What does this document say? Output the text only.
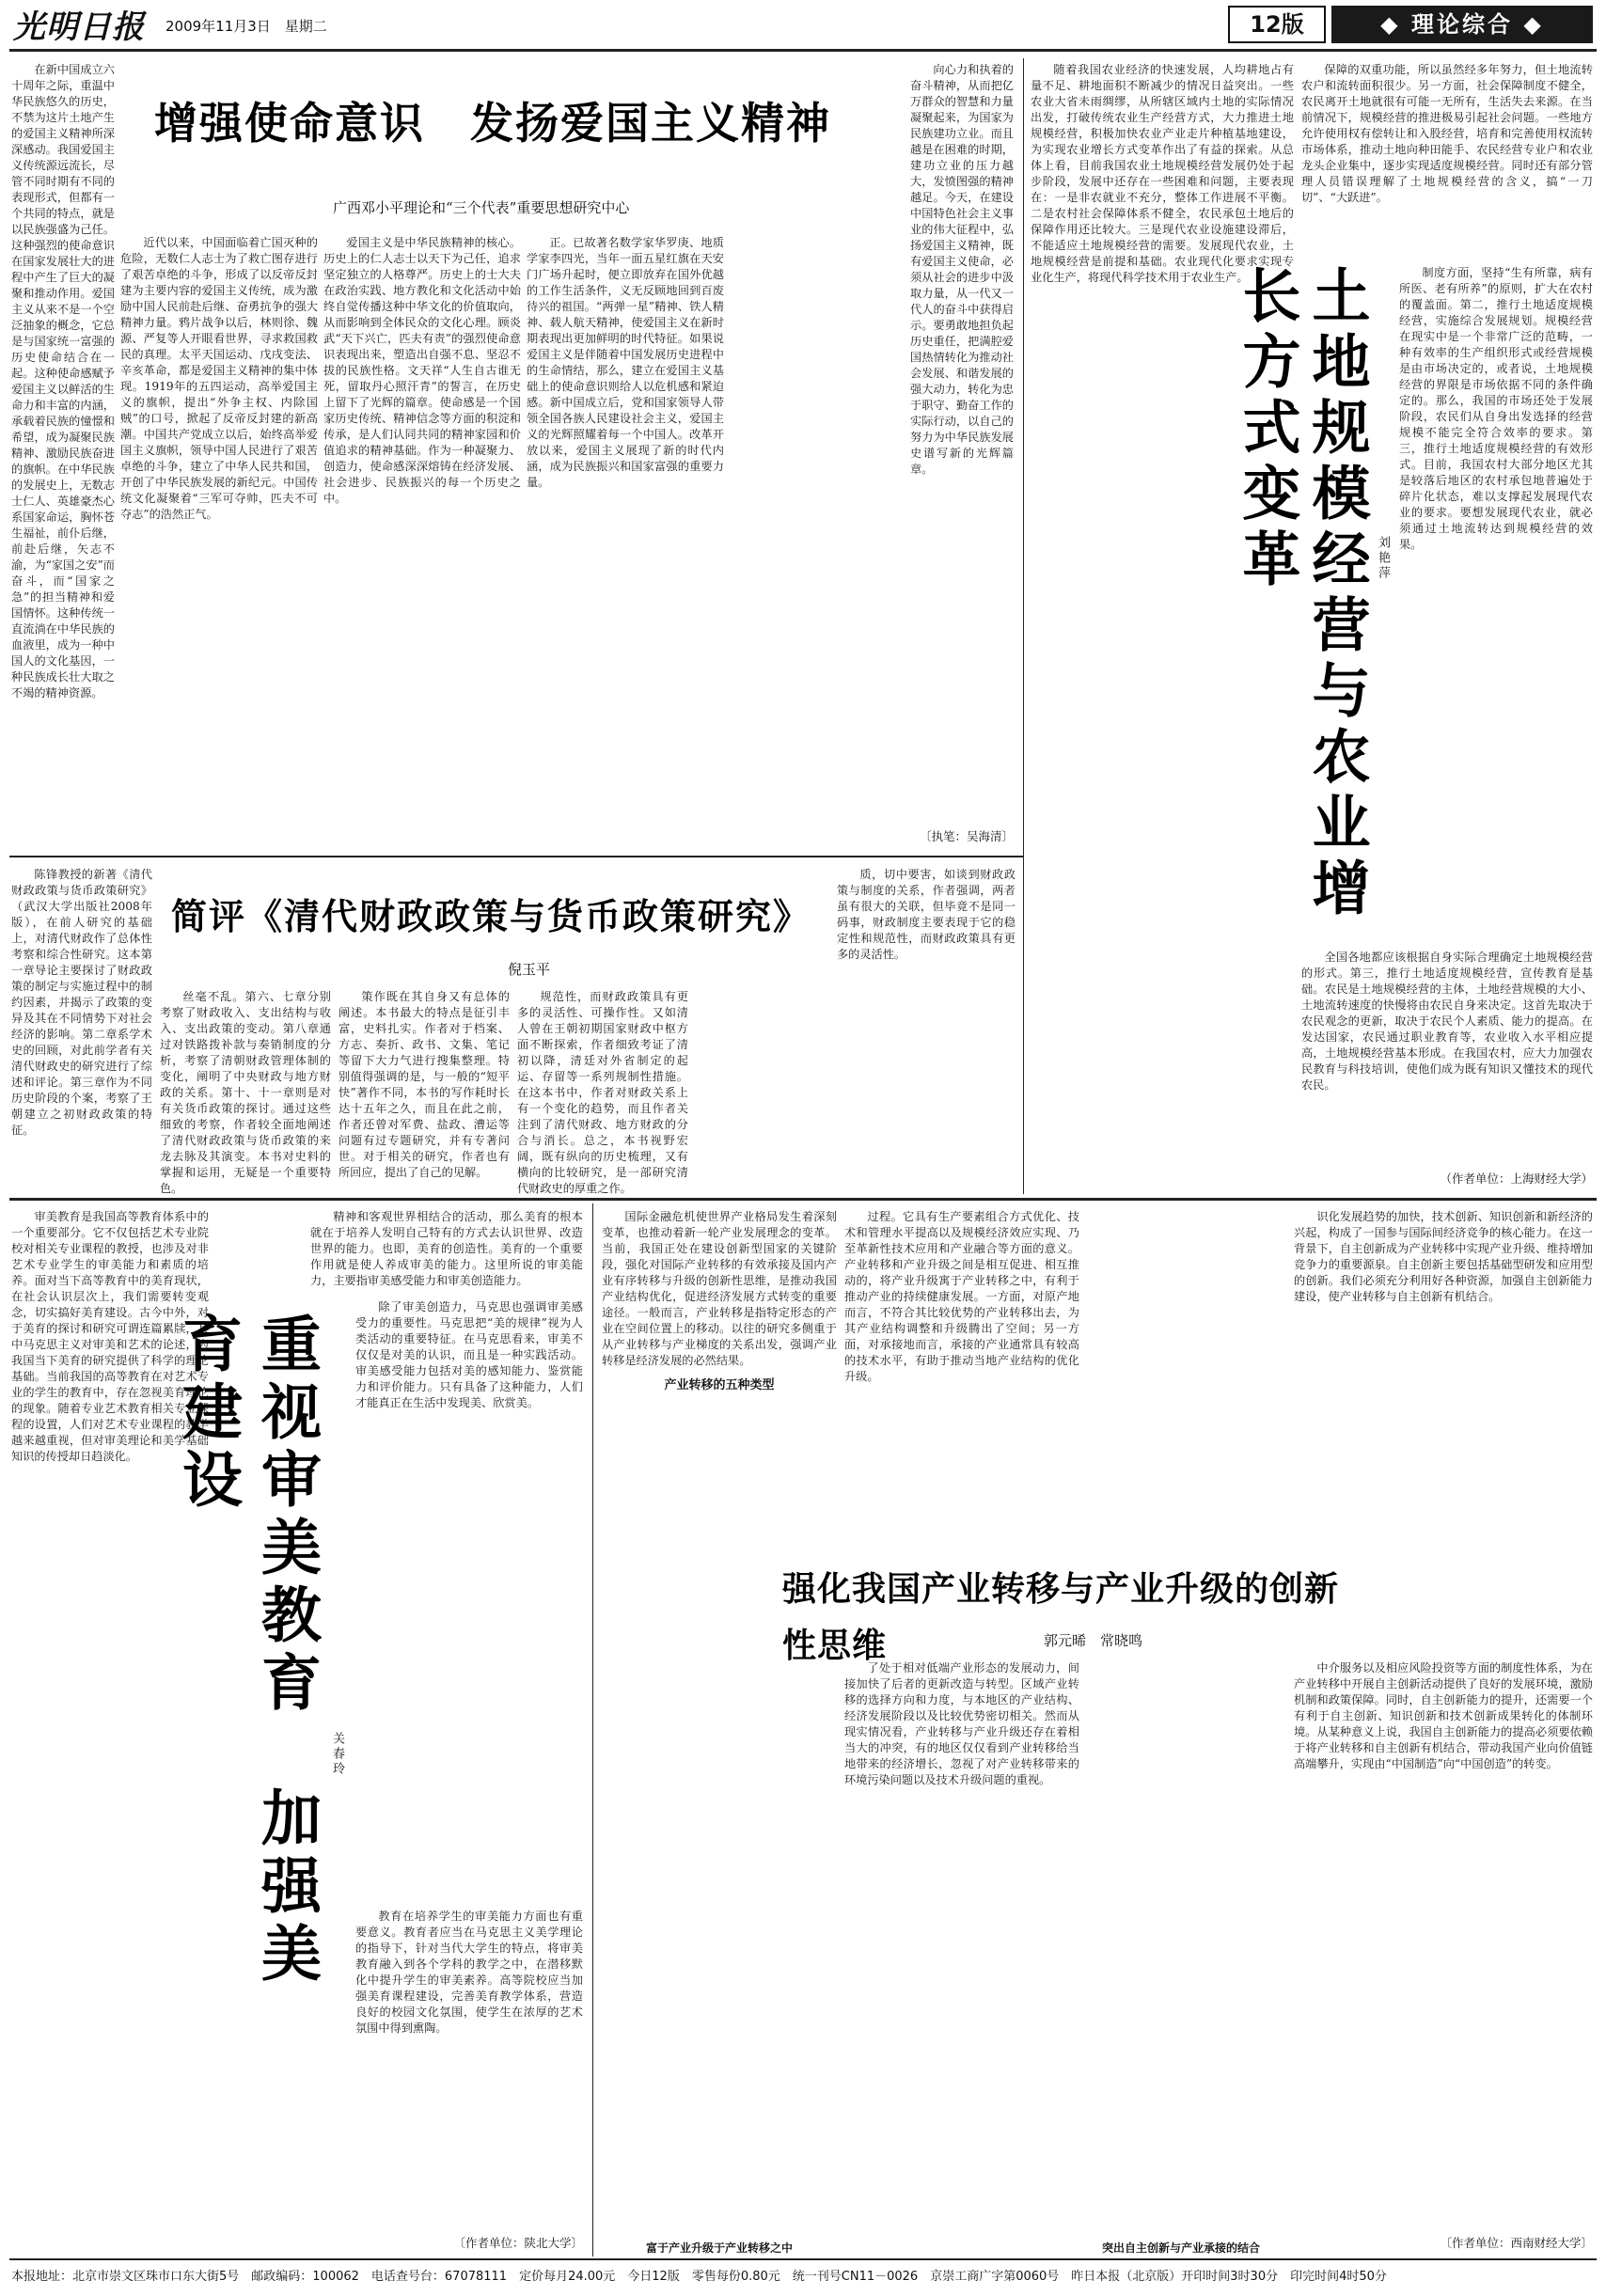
光明日报 2009年11月3日　星期二	12版	◆ 理论综合 ◆

在新中国成立六十周年之际，重温中华民族悠久的历史，不禁为这片土地产生的爱国主义精神所深深感动。我国爱国主义传统源远流长，尽管不同时期有不同的表现形式，但都有一个共同的特点，就是以民族强盛为己任。这种强烈的使命意识在国家发展壮大的进程中产生了巨大的凝聚和推动作用。爱国主义从来不是一个空泛抽象的概念，它总是与国家统一富强的历史使命结合在一起。这种使命感赋予爱国主义以鲜活的生命力和丰富的内涵，承载着民族的憧憬和希望，成为凝聚民族精神、激励民族奋进的旗帜。在中华民族的发展史上，无数志士仁人、英雄豪杰心系国家命运，胸怀苍生福祉，前仆后继，前赴后继，矢志不渝，为“家国之安”而奋斗，而“国家之急”的担当精神和爱国情怀。这种传统一直流淌在中华民族的血液里，成为一种中国人的文化基因，一种民族成长壮大取之不竭的精神资源。

增强使命意识　发扬爱国主义精神
广西邓小平理论和“三个代表”重要思想研究中心

近代以来，中国面临着亡国灭种的危险，无数仁人志士为了救亡图存进行了艰苦卓绝的斗争，形成了以反帝反封建为主要内容的爱国主义传统，成为激励中国人民前赴后继、奋勇抗争的强大精神力量。鸦片战争以后，林则徐、魏源、严复等人开眼看世界，寻求救国救民的真理。太平天国运动、戊戌变法、辛亥革命，都是爱国主义精神的集中体现。1919年的五四运动，高举爱国主义的旗帜，提出“外争主权、内除国贼”的口号，掀起了反帝反封建的新高潮。中国共产党成立以后，始终高举爱国主义旗帜，领导中国人民进行了艰苦卓绝的斗争，建立了中华人民共和国，开创了中华民族发展的新纪元。中国传统文化凝聚着“三军可夺帅，匹夫不可夺志”的浩然正气。

爱国主义是中华民族精神的核心。历史上的仁人志士以天下为己任，追求坚定独立的人格尊严。历史上的士大夫在政治实践、地方教化和文化活动中始终自觉传播这种中华文化的价值取向，从而影响到全体民众的文化心理。顾炎武“天下兴亡，匹夫有责”的强烈使命意识表现出来，塑造出自强不息、坚忍不拔的民族性格。文天祥“人生自古谁无死，留取丹心照汗青”的誓言，在历史上留下了光辉的篇章。使命感是一个国家历史传统、精神信念等方面的积淀和传承，是人们认同共同的精神家园和价值追求的精神基础。作为一种凝聚力、创造力，使命感深深熔铸在经济发展、社会进步、民族振兴的每一个历史之中。

正。已故著名数学家华罗庚、地质学家李四光，当年一面五星红旗在天安门广场升起时，便立即放弃在国外优越的工作生活条件，义无反顾地回到百废待兴的祖国。“两弹一星”精神、铁人精神、载人航天精神，使爱国主义在新时期表现出更加鲜明的时代特征。如果说爱国主义是伴随着中国发展历史进程中的生命情结，那么，建立在爱国主义基础上的使命意识则给人以危机感和紧迫感。新中国成立后，党和国家领导人带领全国各族人民建设社会主义，爱国主义的光辉照耀着每一个中国人。改革开放以来，爱国主义展现了新的时代内涵，成为民族振兴和国家富强的重要力量。

向心力和执着的奋斗精神，从而把亿万群众的智慧和力量凝聚起来，为国家为民族建功立业。而且越是在困难的时期，建功立业的压力越大，发愤图强的精神越足。今天，在建设中国特色社会主义事业的伟大征程中，弘扬爱国主义精神，既有爱国主义使命，必须从社会的进步中汲取力量，从一代又一代人的奋斗中获得启示。要勇敢地担负起历史重任，把满腔爱国热情转化为推动社会发展、和谐发展的强大动力，转化为忠于职守、勤奋工作的实际行动，以自己的努力为中华民族发展史谱写新的光辉篇章。

〔执笔：吴海清〕

随着我国农业经济的快速发展，人均耕地占有量不足、耕地面积不断减少的情况日益突出。一些农业大省未雨绸缪，从所辖区域内土地的实际情况出发，打破传统农业生产经营方式，大力推进土地规模经营，积极加快农业产业走片种植基地建设，为实现农业增长方式变革作出了有益的探索。从总体上看，目前我国农业土地规模经营发展仍处于起步阶段，发展中还存在一些困难和问题，主要表现在：一是非农就业不充分，整体工作进展不平衡。二是农村社会保障体系不健全，农民承包土地后的保障作用还比较大。三是现代农业设施建设滞后，不能适应土地规模经营的需要。发展现代农业，土地规模经营是前提和基础。农业现代化要求实现专业化生产，将现代科学技术用于农业生产。

保障的双重功能，所以虽然经多年努力，但土地流转农户和流转面积很少。另一方面，社会保障制度不健全，农民离开土地就很有可能一无所有，生活失去来源。在当前情况下，规模经营的推进极易引起社会问题。一些地方允许使用权有偿转让和入股经营，培育和完善使用权流转市场体系，推动土地向种田能手、农民经营专业户和农业龙头企业集中，逐步实现适度规模经营。同时还有部分管理人员错误理解了土地规模经营的含义，搞“一刀切”、“大跃进”。

土地规模经营与农业增长方式变革	刘艳萍

制度方面，坚持“生有所靠，病有所医、老有所养”的原则，扩大在农村的覆盖面。第二，推行土地适度规模经营，实施综合发展规划。规模经营在现实中是一个非常广泛的范畴，一种有效率的生产组织形式或经营规模是由市场决定的，或者说，土地规模经营的界限是市场依据不同的条件确定的。那么，我国的市场还处于发展阶段，农民们从自身出发选择的经营规模不能完全符合效率的要求。第三，推行土地适度规模经营的有效形式。目前，我国农村大部分地区尤其是较落后地区的农村承包地普遍处于碎片化状态，难以支撑起发展现代农业的要求。要想发展现代农业，就必须通过土地流转达到规模经营的效果。

全国各地都应该根据自身实际合理确定土地规模经营的形式。第三，推行土地适度规模经营，宣传教育是基础。农民是土地规模经营的主体，土地经营规模的大小、土地流转速度的快慢将由农民自身来决定。这首先取决于农民观念的更新，取决于农民个人素质、能力的提高。在发达国家，农民通过职业教育等，农业收入水平相应提高，土地规模经营基本形成。在我国农村，应大力加强农民教育与科技培训，使他们成为既有知识又懂技术的现代农民。

（作者单位：上海财经大学）

陈锋教授的新著《清代财政政策与货币政策研究》（武汉大学出版社2008年版），在前人研究的基础上，对清代财政作了总体性考察和综合性研究。这本第一章导论主要探讨了财政政策的制定与实施过程中的制约因素，并揭示了政策的变异及其在不同情势下对社会经济的影响。第二章系学术史的回顾，对此前学者有关清代财政史的研究进行了综述和评论。第三章作为不同历史阶段的个案，考察了王朝建立之初财政政策的特征。

简评《清代财政政策与货币政策研究》
倪玉平

丝毫不乱。第六、七章分别考察了财政收入、支出结构与收入、支出政策的变动。第八章通过对铁路拨补款与奏销制度的分析，考察了清朝财政管理体制的变化，阐明了中央财政与地方财政的关系。第十、十一章则是对有关货币政策的探讨。通过这些细致的考察，作者较全面地阐述了清代财政政策与货币政策的来龙去脉及其演变。本书对史料的掌握和运用，无疑是一个重要特色。

策作既在其自身又有总体的阐述。本书最大的特点是征引丰富，史料扎实。作者对于档案、方志、奏折、政书、文集、笔记等留下大力气进行搜集整理。特别值得强调的是，与一般的“短平快”著作不同，本书的写作耗时长达十五年之久，而且在此之前，作者还曾对军费、盐政、漕运等问题有过专题研究，并有专著问世。对于相关的研究，作者也有所回应，提出了自己的见解。

规范性，而财政政策具有更多的灵活性、可操作性。又如清人曾在王朝初期国家财政中枢方面不断探索，作者细致考证了清初以降，清廷对外省制定的起运、存留等一系列规制性措施。在这本书中，作者对财政关系上有一个变化的趋势，而且作者关注到了清代财政、地方财政的分合与消长。总之，本书视野宏阔，既有纵向的历史梳理，又有横向的比较研究，是一部研究清代财政史的厚重之作。

质，切中要害，如谈到财政政策与制度的关系，作者强调，两者虽有很大的关联，但毕竟不是同一码事，财政制度主要表现于它的稳定性和规范性，而财政政策具有更多的灵活性。

审美教育是我国高等教育体系中的一个重要部分。它不仅包括艺术专业院校对相关专业课程的教授，也涉及对非艺术专业学生的审美能力和素质的培养。面对当下高等教育中的美育现状，在社会认识层次上，我们需要转变观念，切实搞好美育建设。古今中外，对于美育的探讨和研究可谓连篇累牍，其中马克思主义对审美和艺术的论述，为我国当下美育的研究提供了科学的理论基础。当前我国的高等教育在对艺术专业的学生的教育中，存在忽视美育理论的现象。随着专业艺术教育相关专业课程的设置，人们对艺术专业课程的教学越来越重视，但对审美理论和美学基础知识的传授却日趋淡化。	重视审美教育　加强美育建设
关春玲

精神和客观世界相结合的活动，那么美育的根本就在于培养人发明自己特有的方式去认识世界、改造世界的能力。也即，美育的创造性。美育的一个重要作用就是使人养成审美的能力。这里所说的审美能力，主要指审美感受能力和审美创造能力。

除了审美创造力，马克思也强调审美感受力的重要性。马克思把“美的规律”视为人类活动的重要特征。在马克思看来，审美不仅仅是对美的认识，而且是一种实践活动。审美感受能力包括对美的感知能力、鉴赏能力和评价能力。只有具备了这种能力，人们才能真正在生活中发现美、欣赏美。

教育在培养学生的审美能力方面也有重要意义。教育者应当在马克思主义美学理论的指导下，针对当代大学生的特点，将审美教育融入到各个学科的教学之中，在潜移默化中提升学生的审美素养。高等院校应当加强美育课程建设，完善美育教学体系，营造良好的校园文化氛围，使学生在浓厚的艺术氛围中得到熏陶。

〔作者单位：陕北大学〕

国际金融危机使世界产业格局发生着深刻变革，也推动着新一轮产业发展理念的变革。当前，我国正处在建设创新型国家的关键阶段，强化对国际产业转移的有效承接及国内产业有序转移与升级的创新性思维，是推动我国产业结构优化，促进经济发展方式转变的重要途径。一般而言，产业转移是指特定形态的产业在空间位置上的移动。以往的研究多侧重于从产业转移与产业梯度的关系出发，强调产业转移是经济发展的必然结果。

产业转移的五种类型

过程。它具有生产要素组合方式优化、技术和管理水平提高以及规模经济效应实现、乃至革新性技术应用和产业融合等方面的意义。产业转移和产业升级之间是相互促进、相互推动的，将产业升级寓于产业转移之中，有利于推动产业的持续健康发展。一方面，对原产地而言，不符合其比较优势的产业转移出去，为其产业结构调整和升级腾出了空间；另一方面，对承接地而言，承接的产业通常具有较高的技术水平，有助于推动当地产业结构的优化升级。

识化发展趋势的加快，技术创新、知识创新和新经济的兴起，构成了一国参与国际间经济竞争的核心能力。在这一背景下，自主创新成为产业转移中实现产业升级、维持增加竞争力的重要源泉。自主创新主要包括基础型研发和应用型的创新。我们必须充分利用好各种资源，加强自主创新能力建设，使产业转移与自主创新有机结合。

强化我国产业转移与产业升级的创新性思维	郭元晞　常晓鸣

了处于相对低端产业形态的发展动力，间接加快了后者的更新改造与转型。区域产业转移的选择方向和力度，与本地区的产业结构、经济发展阶段以及比较优势密切相关。然而从现实情况看，产业转移与产业升级还存在着相当大的冲突，有的地区仅仅看到产业转移给当地带来的经济增长，忽视了对产业转移带来的环境污染问题以及技术升级问题的重视。

富于产业升级于产业转移之中	突出自主创新与产业承接的结合

中介服务以及相应风险投资等方面的制度性体系，为在产业转移中开展自主创新活动提供了良好的发展环境，激励机制和政策保障。同时，自主创新能力的提升，还需要一个有利于自主创新、知识创新和技术创新成果转化的体制环境。从某种意义上说，我国自主创新能力的提高必须要依赖于将产业转移和自主创新有机结合，带动我国产业向价值链高端攀升，实现由“中国制造”向“中国创造”的转变。

〔作者单位：西南财经大学〕
本报地址：北京市崇文区珠市口东大街5号　邮政编码：100062　电话查号台：67078111　定价每月24.00元　今日12版　零售每份0.80元　统一刊号CN11－0026　京崇工商广字第0060号　昨日本报（北京版）开印时间3时30分　印完时间4时50分
